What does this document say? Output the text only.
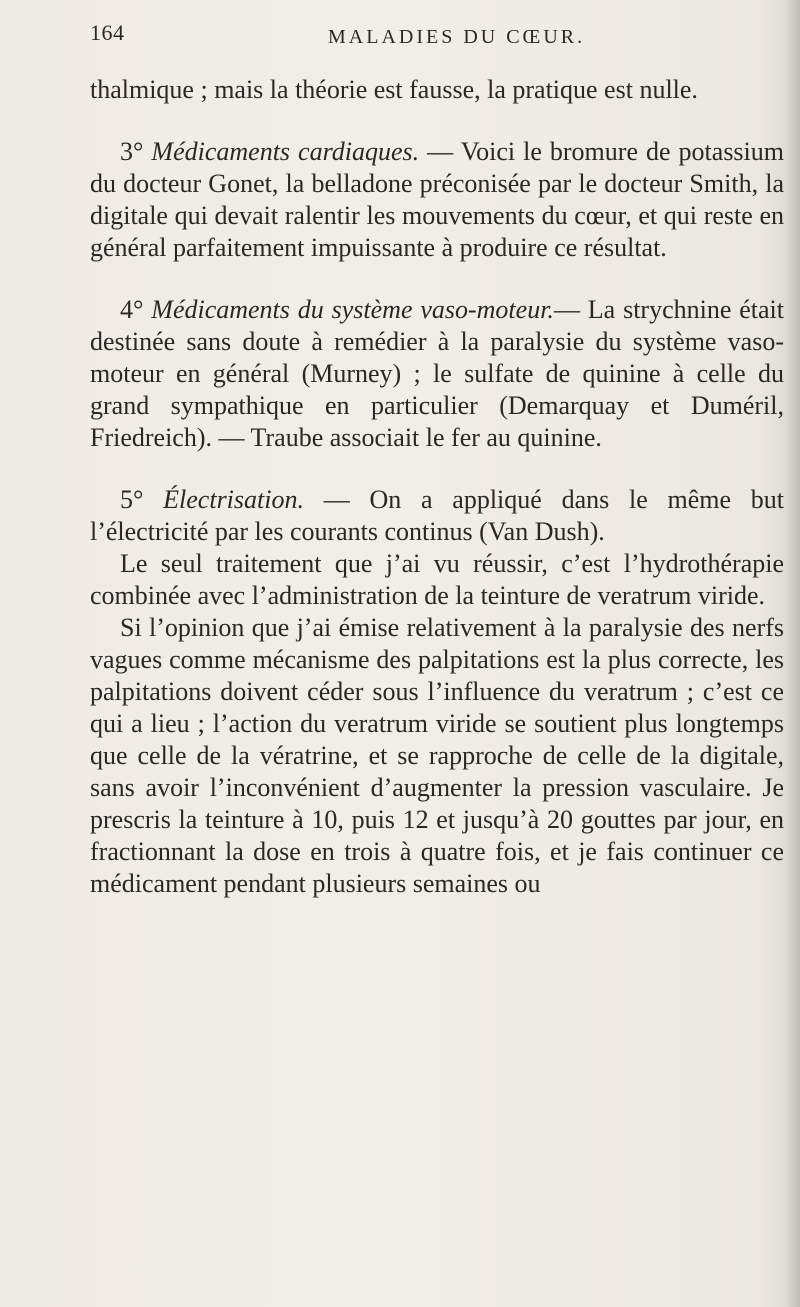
164	MALADIES DU CŒUR.

thalmique ; mais la théorie est fausse, la pratique est nulle.

3° Médicaments cardiaques. — Voici le bromure de potassium du docteur Gonet, la belladone préconisée par le docteur Smith, la digitale qui devait ralentir les mouvements du cœur, et qui reste en général parfaitement impuissante à produire ce résultat.

4° Médicaments du système vaso-moteur.— La strychnine était destinée sans doute à remédier à la paralysie du système vaso-moteur en général (Murney) ; le sulfate de quinine à celle du grand sympathique en particulier (Demarquay et Duméril, Friedreich). — Traube associait le fer au quinine.

5° Électrisation. — On a appliqué dans le même but l’électricité par les courants continus (Van Dush).

Le seul traitement que j’ai vu réussir, c’est l’hydrothérapie combinée avec l’administration de la teinture de veratrum viride.

Si l’opinion que j’ai émise relativement à la paralysie des nerfs vagues comme mécanisme des palpitations est la plus correcte, les palpitations doivent céder sous l’influence du veratrum ; c’est ce qui a lieu ; l’action du veratrum viride se soutient plus longtemps que celle de la vératrine, et se rapproche de celle de la digitale, sans avoir l’inconvénient d’augmenter la pression vasculaire. Je prescris la teinture à 10, puis 12 et jusqu’à 20 gouttes par jour, en fractionnant la dose en trois à quatre fois, et je fais continuer ce médicament pendant plusieurs semaines ou
